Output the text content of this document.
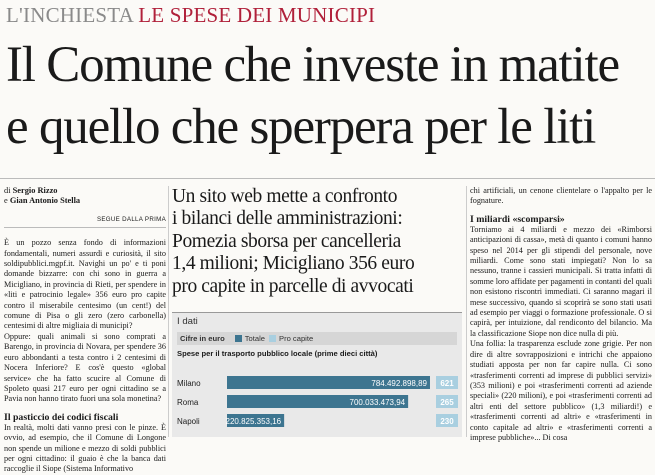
L'INCHIESTA LE SPESE DEI MUNICIPI
Il Comune che investe in matite
e quello che sperpera per le liti
di Sergio Rizzo
e Gian Antonio Stella
SEGUE DALLA PRIMA

È un pozzo senza fondo di informazioni fondamentali, numeri assurdi e curiosità, il sito soldipubblici.mgpf.it. Navighi un po' e ti poni domande bizzarre: con chi sono in guerra a Micigliano, in provincia di Rieti, per spendere in «liti e patrocinio legale» 356 euro pro capite contro il miserabile centesimo (un cent!) del comune di Pisa o gli zero (zero carbonella) centesimi di altre migliaia di municipi?

Oppure: quali animali si sono comprati a Barengo, in provincia di Novara, per spendere 36 euro abbondanti a testa contro i 2 centesimi di Nocera Inferiore? E cos'è questo «global service» che ha fatto scucire al Comune di Spoleto quasi 217 euro per ogni cittadino se a Pavia non hanno tirato fuori una sola monetina?

Il pasticcio dei codici fiscali

In realtà, molti dati vanno presi con le pinze. È ovvio, ad esempio, che il Comune di Longone non spende un milione e mezzo di soldi pubblici per ogni cittadino: il guaio è che la banca dati raccoglie il Siope (Sistema Informativo

Un sito web mette a confronto
i bilanci delle amministrazioni:
Pomezia sborsa per cancelleria
1,4 milioni; Micigliano 356 euro
pro capite in parcelle di avvocati
I dati
Cifre in euro	Totale Pro capite
Spese per il trasporto pubblico locale (prime dieci città)
Milano	784.492.898,89 621
Roma	700.033.473,94	265
Napoli	220.825.353,16	230

chi artificiali, un cenone clientelare o l'appalto per le fognature.

I miliardi «scomparsi»

Torniamo ai 4 miliardi e mezzo dei «Rimborsi anticipazioni di cassa», metà di quanto i comuni hanno speso nel 2014 per gli stipendi del personale, nove miliardi. Come sono stati impiegati? Non lo sa nessuno, tranne i cassieri municipali. Si tratta infatti di somme loro affidate per pagamenti in contanti del quali non esistono riscontri immediati. Ci saranno magari il mese successivo, quando si scoprirà se sono stati usati ad esempio per viaggi o formazione professionale. O si capirà, per intuizione, dal rendiconto del bilancio. Ma la classificazione Siope non dice nulla di più.

Una follia: la trasparenza esclude zone grigie. Per non dire di altre sovrapposizioni e intrichi che appaiono studiati apposta per non far capire nulla. Ci sono «trasferimenti correnti ad imprese di pubblici servizi» (353 milioni) e poi «trasferimenti correnti ad aziende speciali» (220 milioni), e poi «trasferimenti correnti ad altri enti del settore pubblico» (1,3 miliardi!) e «trasferimenti correnti ad altri» e «trasferimenti in conto capitale ad altri» e «trasferimenti correnti a imprese pubbliche»... Di cosa
